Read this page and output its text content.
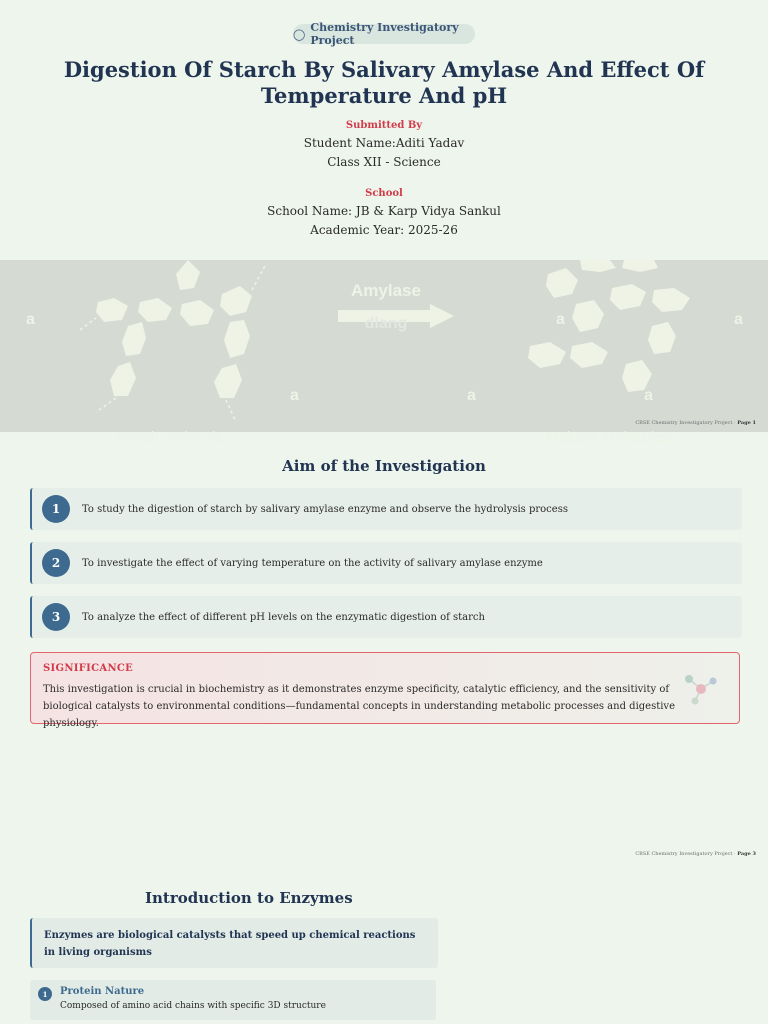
◯ Chemistry Investigatory Project
Digestion Of Starch By Salivary Amylase And Effect Of Temperature And pH
Submitted By
Student Name:Aditi Yadav
Class XII - Science
School
School Name: JB & Karp Vidya Sankul
Academic Year: 2025-26
Amylase
dlang
a
a	a
a
a
a
Starch molecule	Maltose Molecules
CBSE Chemistry Investigatory Project · Page 1
Aim of the Investigation
1	To study the digestion of starch by salivary amylase enzyme and observe the hydrolysis process
2	To investigate the effect of varying temperature on the activity of salivary amylase enzyme
3	To analyze the effect of different pH levels on the enzymatic digestion of starch
SIGNIFICANCE
This investigation is crucial in biochemistry as it demonstrates enzyme specificity, catalytic efficiency, and the sensitivity of biological catalysts to environmental conditions—fundamental concepts in understanding metabolic processes and digestive physiology.
CBSE Chemistry Investigatory Project · Page 3
Introduction to Enzymes
Enzymes are biological catalysts that speed up chemical reactions in living organisms
1	Protein Nature
Composed of amino acid chains with specific 3D structure
